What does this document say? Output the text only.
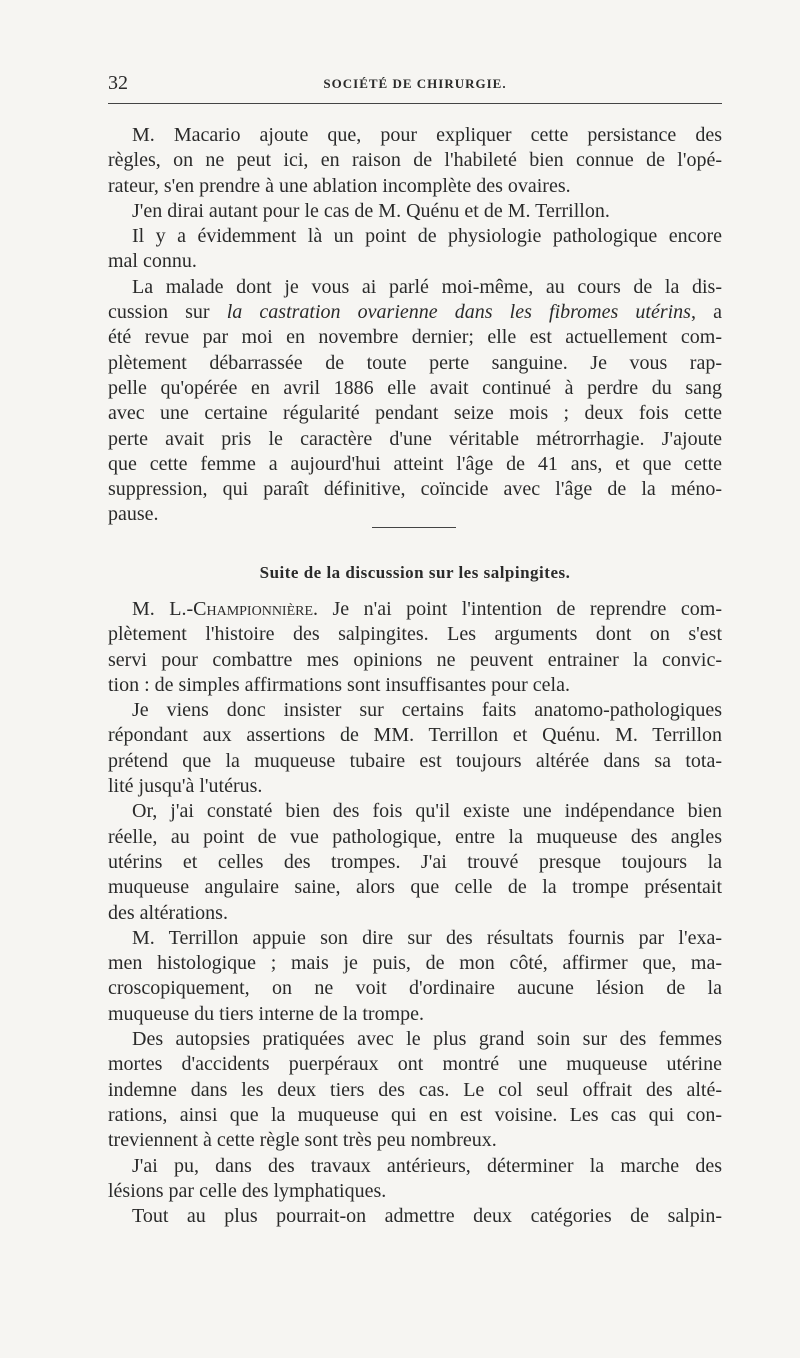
32	SOCIÉTÉ DE CHIRURGIE.
M. Macario ajoute que, pour expliquer cette persistance des
règles, on ne peut ici, en raison de l'habileté bien connue de l'opé-
rateur, s'en prendre à une ablation incomplète des ovaires.
J'en dirai autant pour le cas de M. Quénu et de M. Terrillon.
Il y a évidemment là un point de physiologie pathologique encore
mal connu.
La malade dont je vous ai parlé moi-même, au cours de la dis-
cussion sur la castration ovarienne dans les fibromes utérins, a
été revue par moi en novembre dernier; elle est actuellement com-
plètement débarrassée de toute perte sanguine. Je vous rap-
pelle qu'opérée en avril 1886 elle avait continué à perdre du sang
avec une certaine régularité pendant seize mois ; deux fois cette
perte avait pris le caractère d'une véritable métrorrhagie. J'ajoute
que cette femme a aujourd'hui atteint l'âge de 41 ans, et que cette
suppression, qui paraît définitive, coïncide avec l'âge de la méno-
pause.
Suite de la discussion sur les salpingites.
M. L.-Championnière. Je n'ai point l'intention de reprendre com-
plètement l'histoire des salpingites. Les arguments dont on s'est
servi pour combattre mes opinions ne peuvent entrainer la convic-
tion : de simples affirmations sont insuffisantes pour cela.
Je viens donc insister sur certains faits anatomo-pathologiques
répondant aux assertions de MM. Terrillon et Quénu. M. Terrillon
prétend que la muqueuse tubaire est toujours altérée dans sa tota-
lité jusqu'à l'utérus.
Or, j'ai constaté bien des fois qu'il existe une indépendance bien
réelle, au point de vue pathologique, entre la muqueuse des angles
utérins et celles des trompes. J'ai trouvé presque toujours la
muqueuse angulaire saine, alors que celle de la trompe présentait
des altérations.
M. Terrillon appuie son dire sur des résultats fournis par l'exa-
men histologique ; mais je puis, de mon côté, affirmer que, ma-
croscopiquement, on ne voit d'ordinaire aucune lésion de la
muqueuse du tiers interne de la trompe.
Des autopsies pratiquées avec le plus grand soin sur des femmes
mortes d'accidents puerpéraux ont montré une muqueuse utérine
indemne dans les deux tiers des cas. Le col seul offrait des alté-
rations, ainsi que la muqueuse qui en est voisine. Les cas qui con-
treviennent à cette règle sont très peu nombreux.
J'ai pu, dans des travaux antérieurs, déterminer la marche des
lésions par celle des lymphatiques.
Tout au plus pourrait-on admettre deux catégories de salpin-
